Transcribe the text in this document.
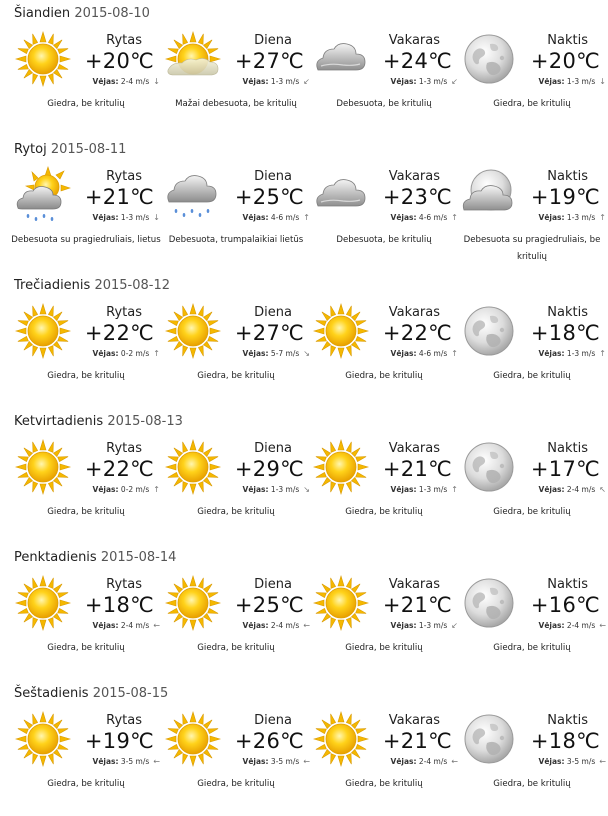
Šiandien 2015-08-10
Rytas
+20℃
Vėjas: 2-4 m/s ↓
Giedra, be kritulių
Diena
+27℃
Vėjas: 1-3 m/s ↙
Mažai debesuota, be kritulių
Vakaras
+24℃
Vėjas: 1-3 m/s ↙
Debesuota, be kritulių
Naktis
+20℃
Vėjas: 1-3 m/s ↓
Giedra, be kritulių
Rytoj 2015-08-11
Rytas
+21℃
Vėjas: 1-3 m/s ↓
Debesuota su pragiedruliais, lietus
Diena
+25℃
Vėjas: 4-6 m/s ↑
Debesuota, trumpalaikiai lietūs
Vakaras
+23℃
Vėjas: 4-6 m/s ↑
Debesuota, be kritulių
Naktis
+19℃
Vėjas: 1-3 m/s ↑
Debesuota su pragiedruliais, be kritulių
Trečiadienis 2015-08-12
Rytas
+22℃
Vėjas: 0-2 m/s ↑
Giedra, be kritulių
Diena
+27℃
Vėjas: 5-7 m/s ↘
Giedra, be kritulių
Vakaras
+22℃
Vėjas: 4-6 m/s ↑
Giedra, be kritulių
Naktis
+18℃
Vėjas: 1-3 m/s ↑
Giedra, be kritulių
Ketvirtadienis 2015-08-13
Rytas
+22℃
Vėjas: 0-2 m/s ↑
Giedra, be kritulių
Diena
+29℃
Vėjas: 1-3 m/s ↘
Giedra, be kritulių
Vakaras
+21℃
Vėjas: 1-3 m/s ↑
Giedra, be kritulių
Naktis
+17℃
Vėjas: 2-4 m/s ↖
Giedra, be kritulių
Penktadienis 2015-08-14
Rytas
+18℃
Vėjas: 2-4 m/s ←
Giedra, be kritulių
Diena
+25℃
Vėjas: 2-4 m/s ←
Giedra, be kritulių
Vakaras
+21℃
Vėjas: 1-3 m/s ↙
Giedra, be kritulių
Naktis
+16℃
Vėjas: 2-4 m/s ←
Giedra, be kritulių
Šeštadienis 2015-08-15
Rytas
+19℃
Vėjas: 3-5 m/s ←
Giedra, be kritulių
Diena
+26℃
Vėjas: 3-5 m/s ←
Giedra, be kritulių
Vakaras
+21℃
Vėjas: 2-4 m/s ←
Giedra, be kritulių
Naktis
+18℃
Vėjas: 3-5 m/s ←
Giedra, be kritulių
